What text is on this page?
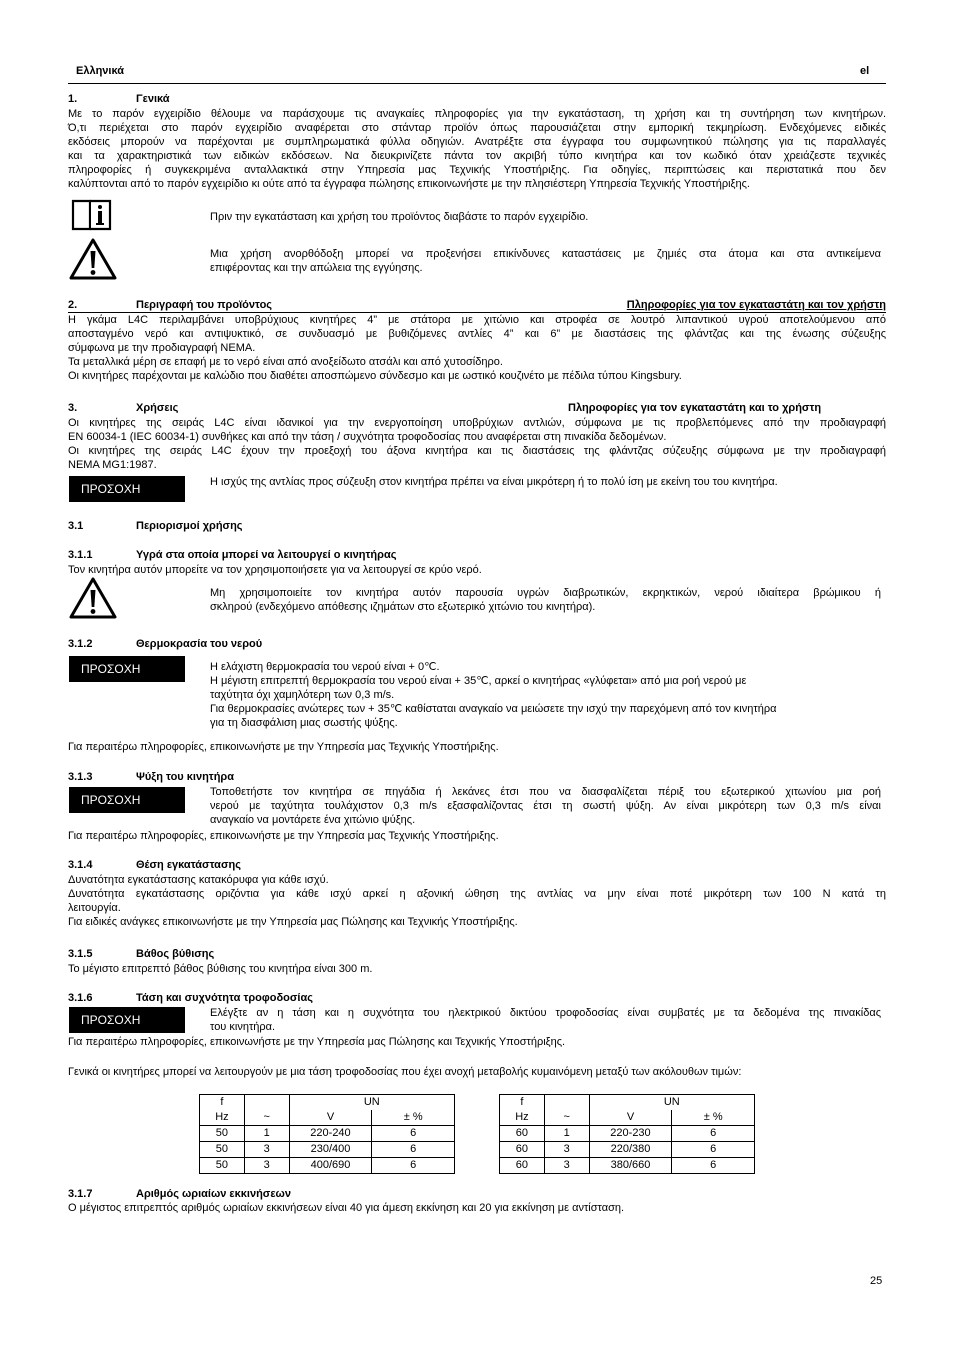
Ελληνικά	el
1.	Γενικά
Με το παρόν εγχειρίδιο θέλουμε να παράσχουμε τις αναγκαίες πληροφορίες για την εγκατάσταση, τη χρήση και τη συντήρηση των κινητήρων.
Ό,τι περιέχεται στο παρόν εγχειρίδιο αναφέρεται στο στάνταρ προϊόν όπως παρουσιάζεται στην εμπορική τεκμηρίωση. Ενδεχόμενες ειδικές
εκδόσεις μπορούν να παρέχονται με συμπληρωματικά φύλλα οδηγιών. Ανατρέξτε στα έγγραφα του συμφωνητικού πώλησης για τις παραλλαγές
και τα χαρακτηριστικά των ειδικών εκδόσεων. Να διευκρινίζετε πάντα τον ακριβή τύπο κινητήρα και τον κωδικό όταν χρειάζεστε τεχνικές
πληροφορίες ή συγκεκριμένα ανταλλακτικά στην Υπηρεσία μας Τεχνικής Υποστήριξης. Για οδηγίες, περιπτώσεις και περιστατικά που δεν
καλύπτονται από το παρόν εγχειρίδιο κι ούτε από τα έγγραφα πώλησης επικοινωνήστε με την πλησιέστερη Υπηρεσία Τεχνικής Υποστήριξης.
Πριν την εγκατάσταση και χρήση του προϊόντος διαβάστε το παρόν εγχειρίδιο.
Μια χρήση ανορθόδοξη μπορεί να προξενήσει επικίνδυνες καταστάσεις με ζημιές στα άτομα και στα αντικείμενα
επιφέροντας και την απώλεια της εγγύησης.
2.	Περιγραφή του προϊόντος	Πληροφορίες για τον εγκαταστάτη και τον χρήστη
Η γκάμα L4C περιλαμβάνει υποβρύχιους κινητήρες 4” με στάτορα με χιτώνιο και στροφέα σε λουτρό λιπαντικού υγρού αποτελούμενου από
αποσταγμένο νερό και αντιψυκτικό, σε συνδυασμό με βυθιζόμενες αντλίες 4” και 6” με διαστάσεις της φλάντζας και της ένωσης σύζευξης
σύμφωνα με την προδιαγραφή NEMA.
Τα μεταλλικά μέρη σε επαφή με το νερό είναι από ανοξείδωτο ατσάλι και από χυτοσίδηρο.
Οι κινητήρες παρέχονται με καλώδιο που διαθέτει αποσπώμενο σύνδεσμο και με ωστικό κουζινέτο με πέδιλα τύπου Kingsbury.
3.	Χρήσεις	Πληροφορίες για τον εγκαταστάτη και το χρήστη
Οι κινητήρες της σειράς L4C είναι ιδανικοί για την ενεργοποίηση υποβρύχιων αντλιών, σύμφωνα με τις προβλεπόμενες από την προδιαγραφή
EN 60034-1 (IEC 60034-1) συνθήκες και από την τάση / συχνότητα τροφοδοσίας που αναφέρεται στη πινακίδα δεδομένων.
Οι κινητήρες της σειράς L4C έχουν την προεξοχή του άξονα κινητήρα και τις διαστάσεις της φλάντζας σύζευξης σύμφωνα με την προδιαγραφή
NEMA MG1:1987.
ΠΡΟΣΟΧΗ	Η ισχύς της αντλίας προς σύζευξη στον κινητήρα πρέπει να είναι μικρότερη ή το πολύ ίση με εκείνη του του κινητήρα.
3.1	Περιορισμοί χρήσης
3.1.1	Υγρά στα οποία μπορεί να λειτουργεί ο κινητήρας
Τον κινητήρα αυτόν μπορείτε να τον χρησιμοποιήσετε για να λειτουργεί σε κρύο νερό.
Μη χρησιμοποιείτε τον κινητήρα αυτόν παρουσία υγρών διαβρωτικών, εκρηκτικών, νερού ιδιαίτερα βρώμικου ή
σκληρού (ενδεχόμενο απόθεσης ιζημάτων στο εξωτερικό χιτώνιο του κινητήρα).
3.1.2	Θερμοκρασία του νερού
ΠΡΟΣΟΧΗ	Η ελάχιστη θερμοκρασία του νερού είναι + 0℃.
Η μέγιστη επιτρεπτή θερμοκρασία του νερού είναι + 35℃, αρκεί ο κινητήρας «γλύφεται» από μια ροή νερού με
ταχύτητα όχι χαμηλότερη των 0,3 m/s.
Για θερμοκρασίες ανώτερες των + 35℃ καθίσταται αναγκαίο να μειώσετε την ισχύ την παρεχόμενη από τον κινητήρα
για τη διασφάλιση μιας σωστής ψύξης.
Για περαιτέρω πληροφορίες, επικοινωνήστε με την Υπηρεσία μας Τεχνικής Υποστήριξης.
3.1.3	Ψύξη του κινητήρα
ΠΡΟΣΟΧΗ
Τοποθετήστε τον κινητήρα σε πηγάδια ή λεκάνες έτσι που να διασφαλίζεται πέριξ του εξωτερικού χιτωνίου μια ροή
νερού με ταχύτητα τουλάχιστον 0,3 m/s εξασφαλίζοντας έτσι τη σωστή ψύξη. Αν είναι μικρότερη των 0,3 m/s είναι
αναγκαίο να μοντάρετε ένα χιτώνιο ψύξης.
Για περαιτέρω πληροφορίες, επικοινωνήστε με την Υπηρεσία μας Τεχνικής Υποστήριξης.
3.1.4	Θέση εγκατάστασης
Δυνατότητα εγκατάστασης κατακόρυφα για κάθε ισχύ.
Δυνατότητα εγκατάστασης οριζόντια για κάθε ισχύ αρκεί η αξονική ώθηση της αντλίας να μην είναι ποτέ μικρότερη των 100 N κατά τη
λειτουργία.
Για ειδικές ανάγκες επικοινωνήστε με την Υπηρεσία μας Πώλησης και Τεχνικής Υποστήριξης.
3.1.5	Βάθος βύθισης
Το μέγιστο επιτρεπτό βάθος βύθισης του κινητήρα είναι 300 m.
3.1.6	Τάση και συχνότητα τροφοδοσίας
ΠΡΟΣΟΧΗ	Ελέγξτε αν η τάση και η συχνότητα του ηλεκτρικού δικτύου τροφοδοσίας είναι συμβατές με τα δεδομένα της πινακίδας
του κινητήρα.
Για περαιτέρω πληροφορίες, επικοινωνήστε με την Υπηρεσία μας Πώλησης και Τεχνικής Υποστήριξης.
Γενικά οι κινητήρες μπορεί να λειτουργούν με μια τάση τροφοδοσίας που έχει ανοχή μεταβολής κυμαινόμενη μεταξύ των ακόλουθων τιμών:
f		UN	
Hz	~	V	± %
50	1	220-240	6
50	3	230/400	6
50	3	400/690	6
f		UN	
Hz	~	V	± %
60	1	220-230	6
60	3	220/380	6
60	3	380/660	6
3.1.7	Αριθμός ωριαίων εκκινήσεων
Ο μέγιστος επιτρεπτός αριθμός ωριαίων εκκινήσεων είναι 40 για άμεση εκκίνηση και 20 για εκκίνηση με αντίσταση.
25
